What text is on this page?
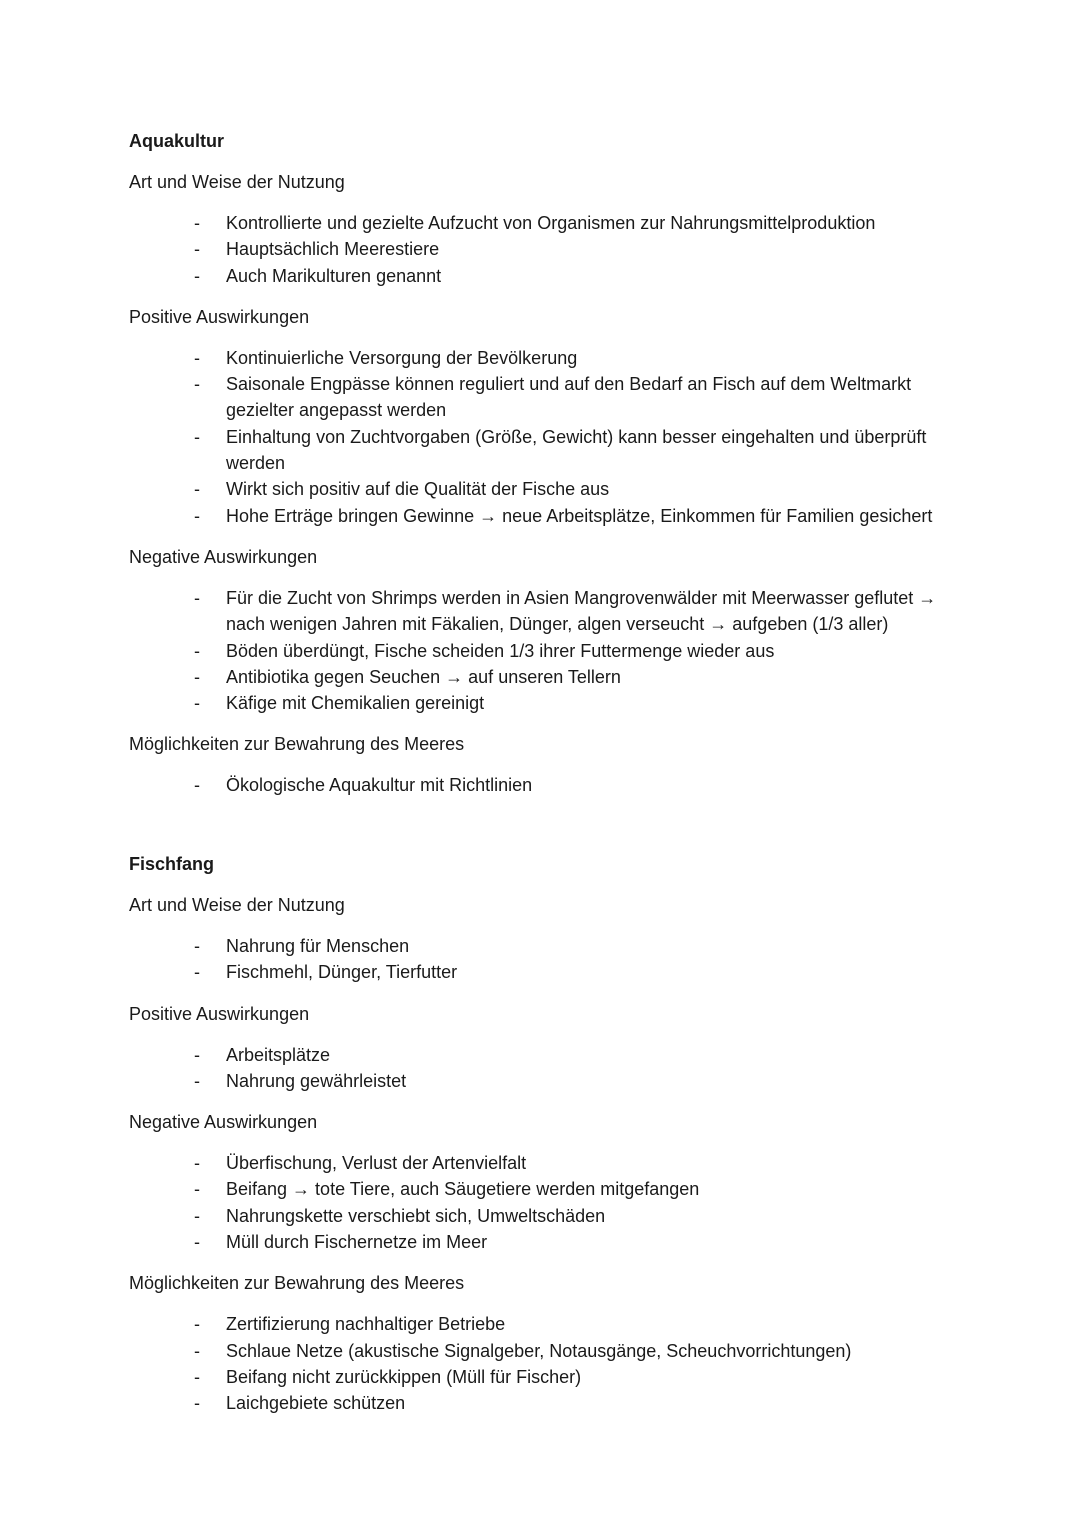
Aquakultur
Art und Weise der Nutzung
- Kontrollierte und gezielte Aufzucht von Organismen zur Nahrungsmittelproduktion
- Hauptsächlich Meerestiere
- Auch Marikulturen genannt
Positive Auswirkungen
- Kontinuierliche Versorgung der Bevölkerung
- Saisonale Engpässe können reguliert und auf den Bedarf an Fisch auf dem Weltmarkt gezielter angepasst werden
- Einhaltung von Zuchtvorgaben (Größe, Gewicht) kann besser eingehalten und überprüft werden
- Wirkt sich positiv auf die Qualität der Fische aus
- Hohe Erträge bringen Gewinne → neue Arbeitsplätze, Einkommen für Familien gesichert
Negative Auswirkungen
- Für die Zucht von Shrimps werden in Asien Mangrovenwälder mit Meerwasser geflutet → nach wenigen Jahren mit Fäkalien, Dünger, algen verseucht → aufgeben (1/3 aller)
- Böden überdüngt, Fische scheiden 1/3 ihrer Futtermenge wieder aus
- Antibiotika gegen Seuchen → auf unseren Tellern
- Käfige mit Chemikalien gereinigt
Möglichkeiten zur Bewahrung des Meeres
- Ökologische Aquakultur mit Richtlinien
Fischfang
Art und Weise der Nutzung
- Nahrung für Menschen
- Fischmehl, Dünger, Tierfutter
Positive Auswirkungen
- Arbeitsplätze
- Nahrung gewährleistet
Negative Auswirkungen
- Überfischung, Verlust der Artenvielfalt
- Beifang → tote Tiere, auch Säugetiere werden mitgefangen
- Nahrungskette verschiebt sich, Umweltschäden
- Müll durch Fischernetze im Meer
Möglichkeiten zur Bewahrung des Meeres
- Zertifizierung nachhaltiger Betriebe
- Schlaue Netze (akustische Signalgeber, Notausgänge, Scheuchvorrichtungen)
- Beifang nicht zurückkippen (Müll für Fischer)
- Laichgebiete schützen
